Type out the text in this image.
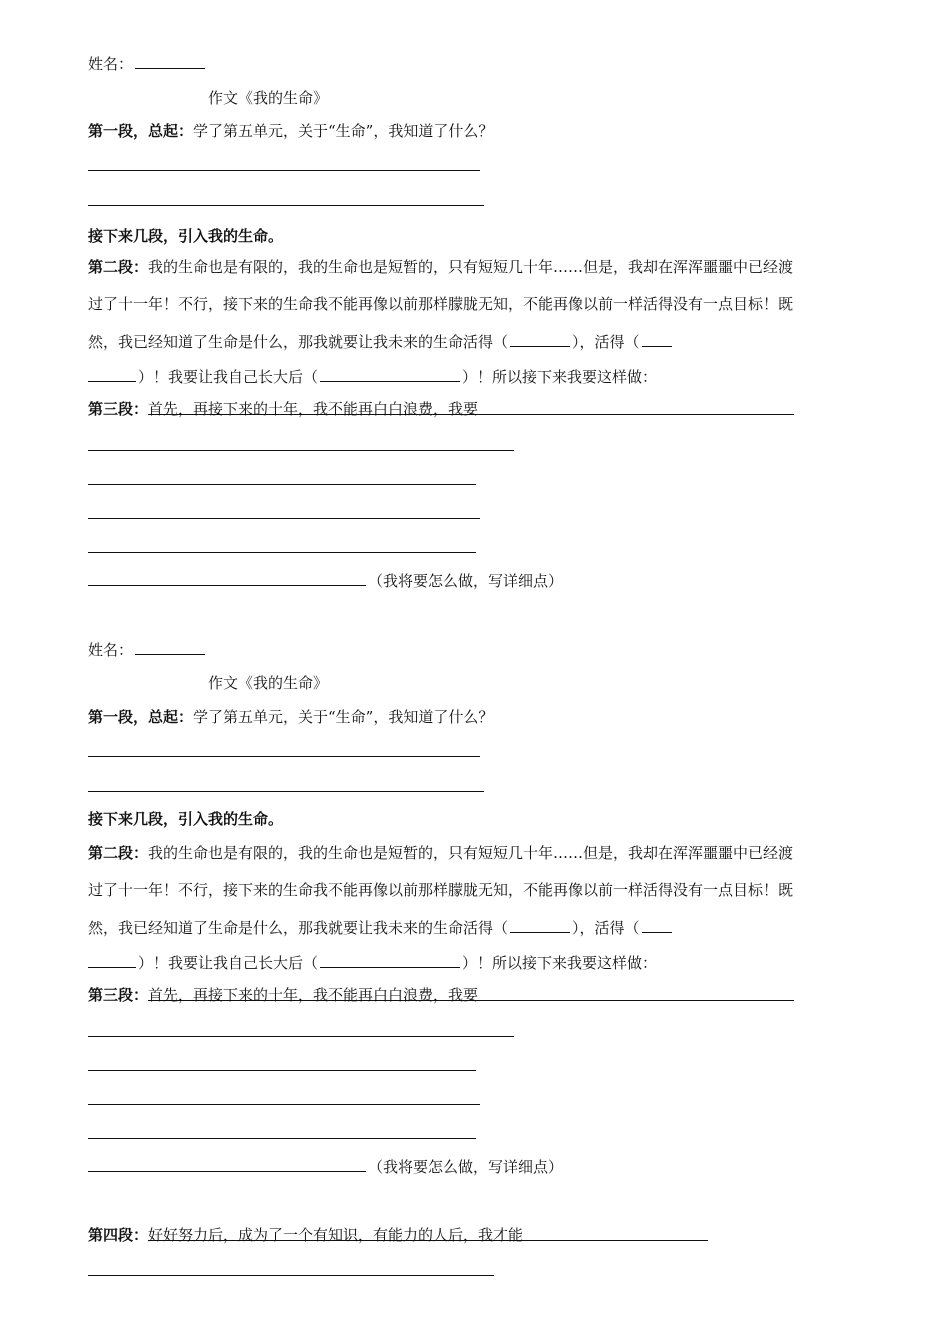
姓名：
作文《我的生命》
第一段，总起：学了第五单元，关于“生命”，我知道了什么？
接下来几段，引入我的生命。
第二段：我的生命也是有限的，我的生命也是短暂的，只有短短几十年……但是，我却在浑浑噩噩中已经渡
过了十一年！不行，接下来的生命我不能再像以前那样朦胧无知，不能再像以前一样活得没有一点目标！既
然，我已经知道了生命是什么，那我就要让我未来的生命活得（	），活得（
）！我要让我自己长大后（	）！所以接下来我要这样做：
第三段：首先，再接下来的十年，我不能再白白浪费，我要
（我将要怎么做，写详细点）
姓名：
作文《我的生命》
第一段，总起：学了第五单元，关于“生命”，我知道了什么？
接下来几段，引入我的生命。
第二段：我的生命也是有限的，我的生命也是短暂的，只有短短几十年……但是，我却在浑浑噩噩中已经渡
过了十一年！不行，接下来的生命我不能再像以前那样朦胧无知，不能再像以前一样活得没有一点目标！既
然，我已经知道了生命是什么，那我就要让我未来的生命活得（	），活得（
）！我要让我自己长大后（	）！所以接下来我要这样做：
第三段：首先，再接下来的十年，我不能再白白浪费，我要
（我将要怎么做，写详细点）
第四段：好好努力后，成为了一个有知识，有能力的人后，我才能
